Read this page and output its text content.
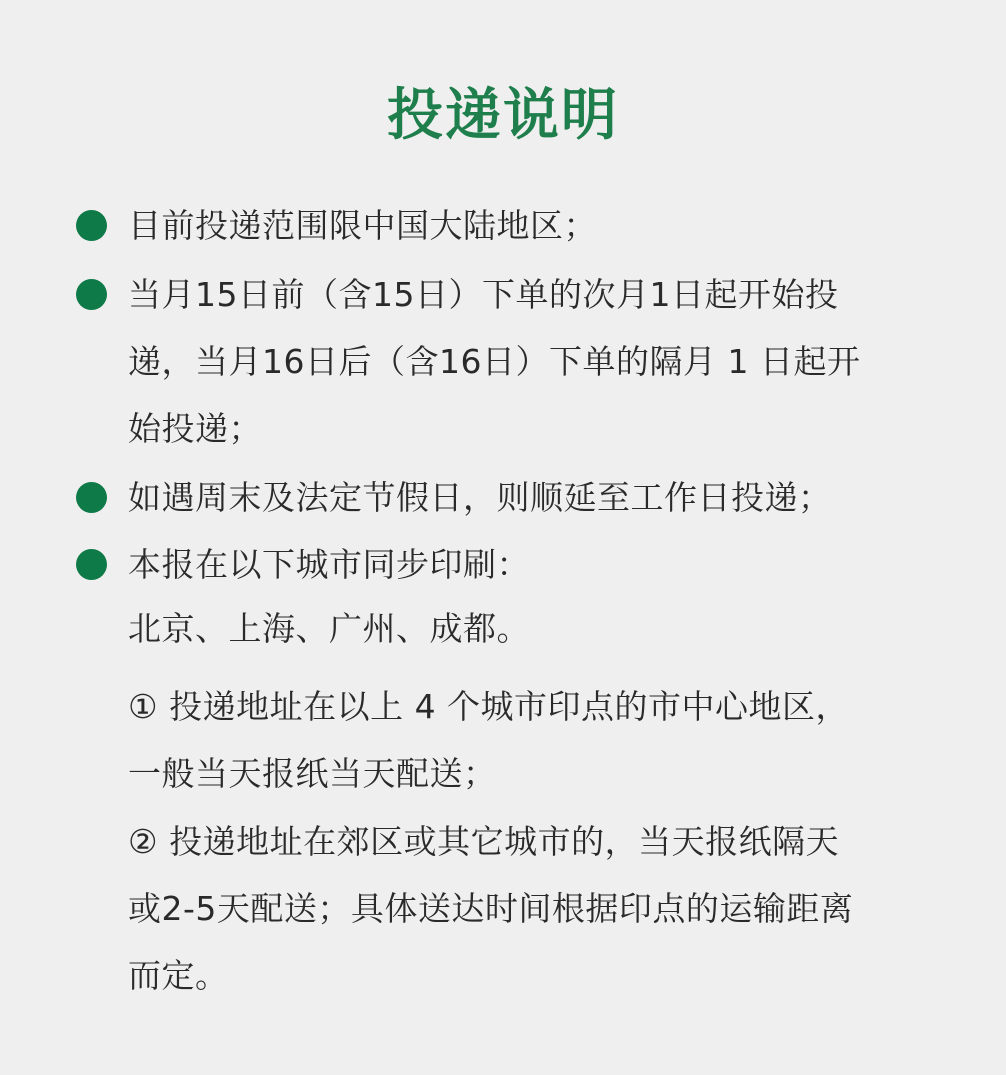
投递说明
目前投递范围限中国大陆地区；
当月15日前（含15日）下单的次月1日起开始投
递，当月16日后（含16日）下单的隔月 1 日起开
始投递；
如遇周末及法定节假日，则顺延至工作日投递；
本报在以下城市同步印刷：
北京、上海、广州、成都。
① 投递地址在以上 4 个城市印点的市中心地区，
一般当天报纸当天配送；
② 投递地址在郊区或其它城市的，当天报纸隔天
或2-5天配送；具体送达时间根据印点的运输距离
而定。
